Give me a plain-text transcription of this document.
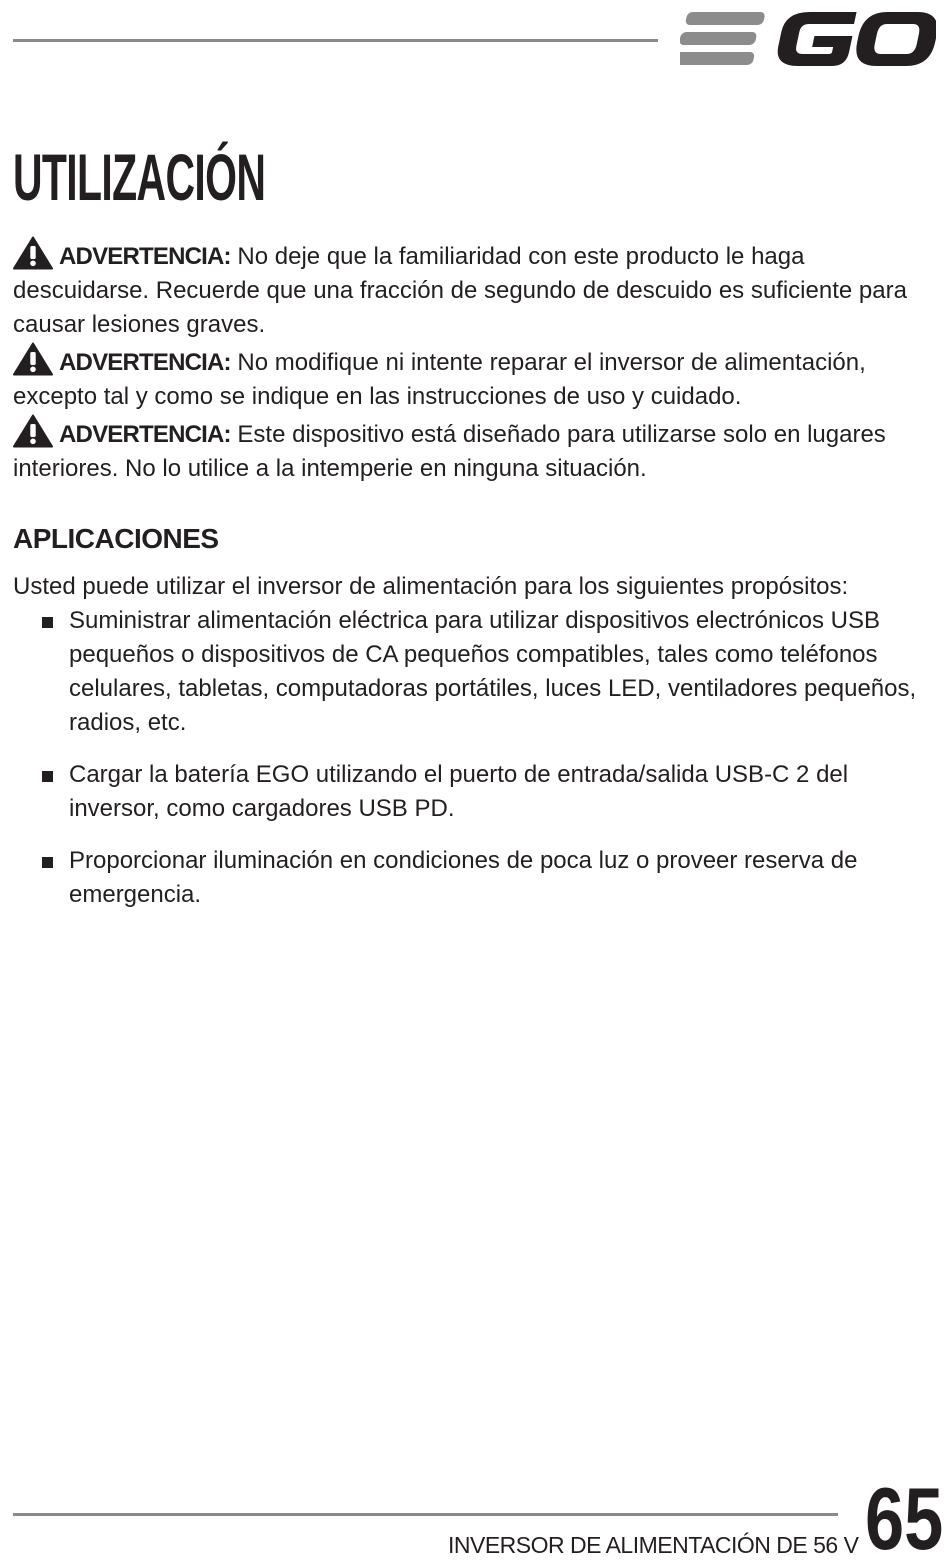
UTILIZACIÓN

ADVERTENCIA: No deje que la familiaridad con este producto le haga descuidarse. Recuerde que una fracción de segundo de descuido es suficiente para causar lesiones graves.

ADVERTENCIA: No modifique ni intente reparar el inversor de alimentación, excepto tal y como se indique en las instrucciones de uso y cuidado.

ADVERTENCIA: Este dispositivo está diseñado para utilizarse solo en lugares interiores. No lo utilice a la intemperie en ninguna situación.

APLICACIONES

Usted puede utilizar el inversor de alimentación para los siguientes propósitos:

Suministrar alimentación eléctrica para utilizar dispositivos electrónicos USB pequeños o dispositivos de CA pequeños compatibles, tales como teléfonos celulares, tabletas, computadoras portátiles, luces LED, ventiladores pequeños, radios, etc.
Cargar la batería EGO utilizando el puerto de entrada/salida USB-C 2 del inversor, como cargadores USB PD.
Proporcionar iluminación en condiciones de poca luz o proveer reserva de emergencia.
INVERSOR DE ALIMENTACIÓN DE 56 V 65
